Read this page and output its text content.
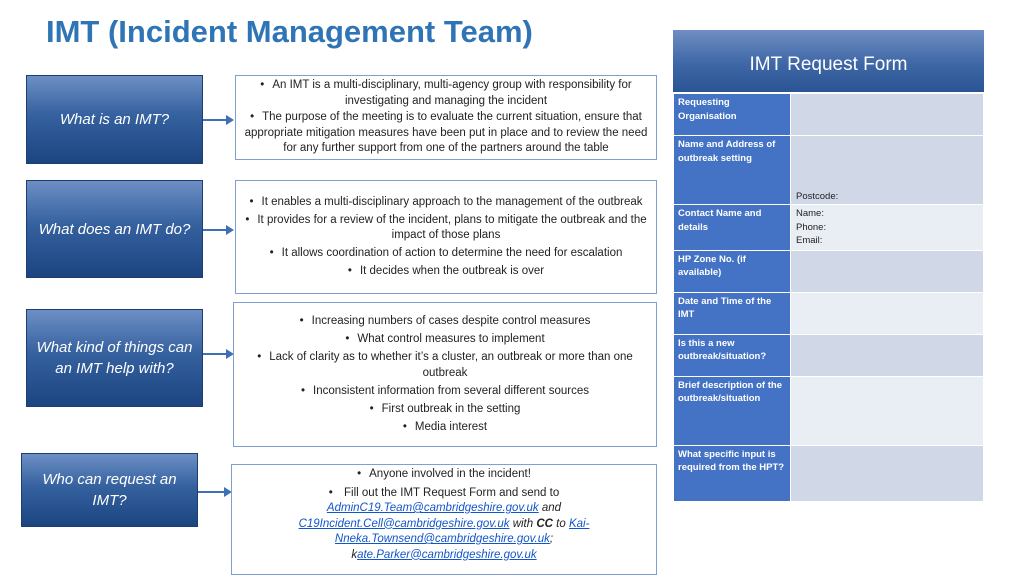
IMT (Incident Management Team)
What is an IMT?
• An IMT is a multi-disciplinary, multi-agency group with responsibility for investigating and managing the incident
• The purpose of the meeting is to evaluate the current situation, ensure that appropriate mitigation measures have been put in place and to review the need for any further support from one of the partners around the table
What does an IMT do?
• It enables a multi-disciplinary approach to the management of the outbreak
• It provides for a review of the incident, plans to mitigate the outbreak and the impact of those plans
• It allows coordination of action to determine the need for escalation
• It decides when the outbreak is over
What kind of things can an IMT help with?
• Increasing numbers of cases despite control measures
• What control measures to implement
• Lack of clarity as to whether it’s a cluster, an outbreak or more than one outbreak
• Inconsistent information from several different sources
• First outbreak in the setting
• Media interest
Who can request an IMT?
• Anyone involved in the incident!
• Fill out the IMT Request Form and send to
AdminC19.Team@cambridgeshire.gov.uk and
C19Incident.Cell@cambridgeshire.gov.uk with CC to Kai-
Nneka.Townsend@cambridgeshire.gov.uk;
kate.Parker@cambridgeshire.gov.uk
IMT Request Form
Requesting Organisation	
Name and Address of outbreak setting	Postcode:
Contact Name and details	Name:
Phone:
Email:

HP Zone No. (if available)	
Date and Time of the IMT	
Is this a new outbreak/situation?	
Brief description of the outbreak/situation	
What specific input is required from the HPT?	
